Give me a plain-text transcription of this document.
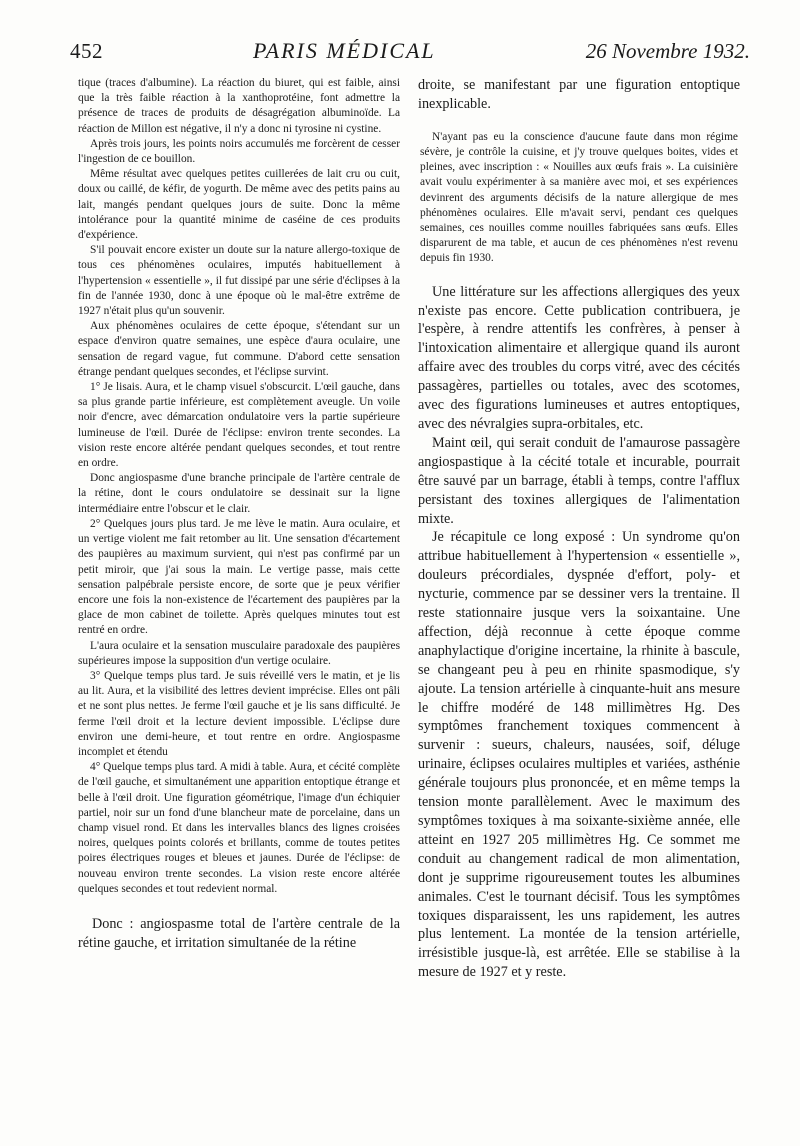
452	PARIS MÉDICAL	26 Novembre 1932.

tique (traces d'albumine). La réaction du biuret, qui est faible, ainsi que la très faible réaction à la xanthoprotéine, font admettre la présence de traces de produits de désagrégation albuminoïde. La réaction de Millon est négative, il n'y a donc ni tyrosine ni cystine.

Après trois jours, les points noirs accumulés me forcèrent de cesser l'ingestion de ce bouillon.

Même résultat avec quelques petites cuillerées de lait cru ou cuit, doux ou caillé, de kéfir, de yogurth. De même avec des petits pains au lait, mangés pendant quelques jours de suite. Donc la même intolérance pour la quantité minime de caséine de ces produits d'expérience.

S'il pouvait encore exister un doute sur la nature allergo-toxique de tous ces phénomènes oculaires, imputés habituellement à l'hypertension « essentielle », il fut dissipé par une série d'éclipses à la fin de l'année 1930, donc à une époque où le mal-être extrême de 1927 n'était plus qu'un souvenir.

Aux phénomènes oculaires de cette époque, s'étendant sur un espace d'environ quatre semaines, une espèce d'aura oculaire, une sensation de regard vague, fut commune. D'abord cette sensation étrange pendant quelques secondes, et l'éclipse survint.

1° Je lisais. Aura, et le champ visuel s'obscurcit. L'œil gauche, dans sa plus grande partie inférieure, est complètement aveugle. Un voile noir d'encre, avec démarcation ondulatoire vers la partie supérieure lumineuse de l'œil. Durée de l'éclipse: environ trente secondes. La vision reste encore altérée pendant quelques secondes, et tout rentre en ordre.

Donc angiospasme d'une branche principale de l'artère centrale de la rétine, dont le cours ondulatoire se dessinait sur la ligne intermédiaire entre l'obscur et le clair.

2° Quelques jours plus tard. Je me lève le matin. Aura oculaire, et un vertige violent me fait retomber au lit. Une sensation d'écartement des paupières au maximum survient, qui n'est pas confirmé par un petit miroir, que j'ai sous la main. Le vertige passe, mais cette sensation palpébrale persiste encore, de sorte que je peux vérifier encore une fois la non-existence de l'écartement des paupières par la glace de mon cabinet de toilette. Après quelques minutes tout est rentré en ordre.

L'aura oculaire et la sensation musculaire paradoxale des paupières supérieures impose la supposition d'un vertige oculaire.

3° Quelque temps plus tard. Je suis réveillé vers le matin, et je lis au lit. Aura, et la visibilité des lettres devient imprécise. Elles ont pâli et ne sont plus nettes. Je ferme l'œil gauche et je lis sans difficulté. Je ferme l'œil droit et la lecture devient impossible. L'éclipse dure environ une demi-heure, et tout rentre en ordre. Angiospasme incomplet et étendu

4° Quelque temps plus tard. A midi à table. Aura, et cécité complète de l'œil gauche, et simultanément une apparition entoptique étrange et belle à l'œil droit. Une figuration géométrique, l'image d'un échiquier partiel, noir sur un fond d'une blancheur mate de porcelaine, dans un champ visuel rond. Et dans les intervalles blancs des lignes croisées noires, quelques points colorés et brillants, comme de toutes petites poires électriques rouges et bleues et jaunes. Durée de l'éclipse: de nouveau environ trente secondes. La vision reste encore altérée quelques secondes et tout redevient normal.

Donc : angiospasme total de l'artère centrale de la rétine gauche, et irritation simultanée de la rétine

droite, se manifestant par une figuration entoptique inexplicable.

N'ayant pas eu la conscience d'aucune faute dans mon régime sévère, je contrôle la cuisine, et j'y trouve quelques boites, vides et pleines, avec inscription : « Nouilles aux œufs frais ». La cuisinière avait voulu expérimenter à sa manière avec moi, et ses expériences devinrent des arguments décisifs de la nature allergique de mes phénomènes oculaires. Elle m'avait servi, pendant ces quelques semaines, ces nouilles comme nouilles fabriquées sans œufs. Elles disparurent de ma table, et aucun de ces phénomènes n'est revenu depuis fin 1930.

Une littérature sur les affections allergiques des yeux n'existe pas encore. Cette publication contribuera, je l'espère, à rendre attentifs les confrères, à penser à l'intoxication alimentaire et allergique quand ils auront affaire avec des troubles du corps vitré, avec des cécités passagères, partielles ou totales, avec des scotomes, avec des figurations lumineuses et autres entoptiques, avec des névralgies supra-orbitales, etc.

Maint œil, qui serait conduit de l'amaurose passagère angiospastique à la cécité totale et incurable, pourrait être sauvé par un barrage, établi à temps, contre l'afflux persistant des toxines allergiques de l'alimentation mixte.

Je récapitule ce long exposé : Un syndrome qu'on attribue habituellement à l'hypertension « essentielle », douleurs précordiales, dyspnée d'effort, poly- et nycturie, commence par se dessiner vers la trentaine. Il reste stationnaire jusque vers la soixantaine. Une affection, déjà reconnue à cette époque comme anaphylactique d'origine incertaine, la rhinite à bascule, se changeant peu à peu en rhinite spasmodique, s'y ajoute. La tension artérielle à cinquante-huit ans mesure le chiffre modéré de 148 millimètres Hg. Des symptômes franchement toxiques commencent à survenir : sueurs, chaleurs, nausées, soif, déluge urinaire, éclipses oculaires multiples et variées, asthénie générale toujours plus prononcée, et en même temps la tension monte parallèlement. Avec le maximum des symptômes toxiques à ma soixante-sixième année, elle atteint en 1927 205 millimètres Hg. Ce sommet me conduit au changement radical de mon alimentation, dont je supprime rigoureusement toutes les albumines animales. C'est le tournant décisif. Tous les symptômes toxiques disparaissent, les uns rapidement, les autres plus lentement. La montée de la tension artérielle, irrésistible jusque-là, est arrêtée. Elle se stabilise à la mesure de 1927 et y reste.
